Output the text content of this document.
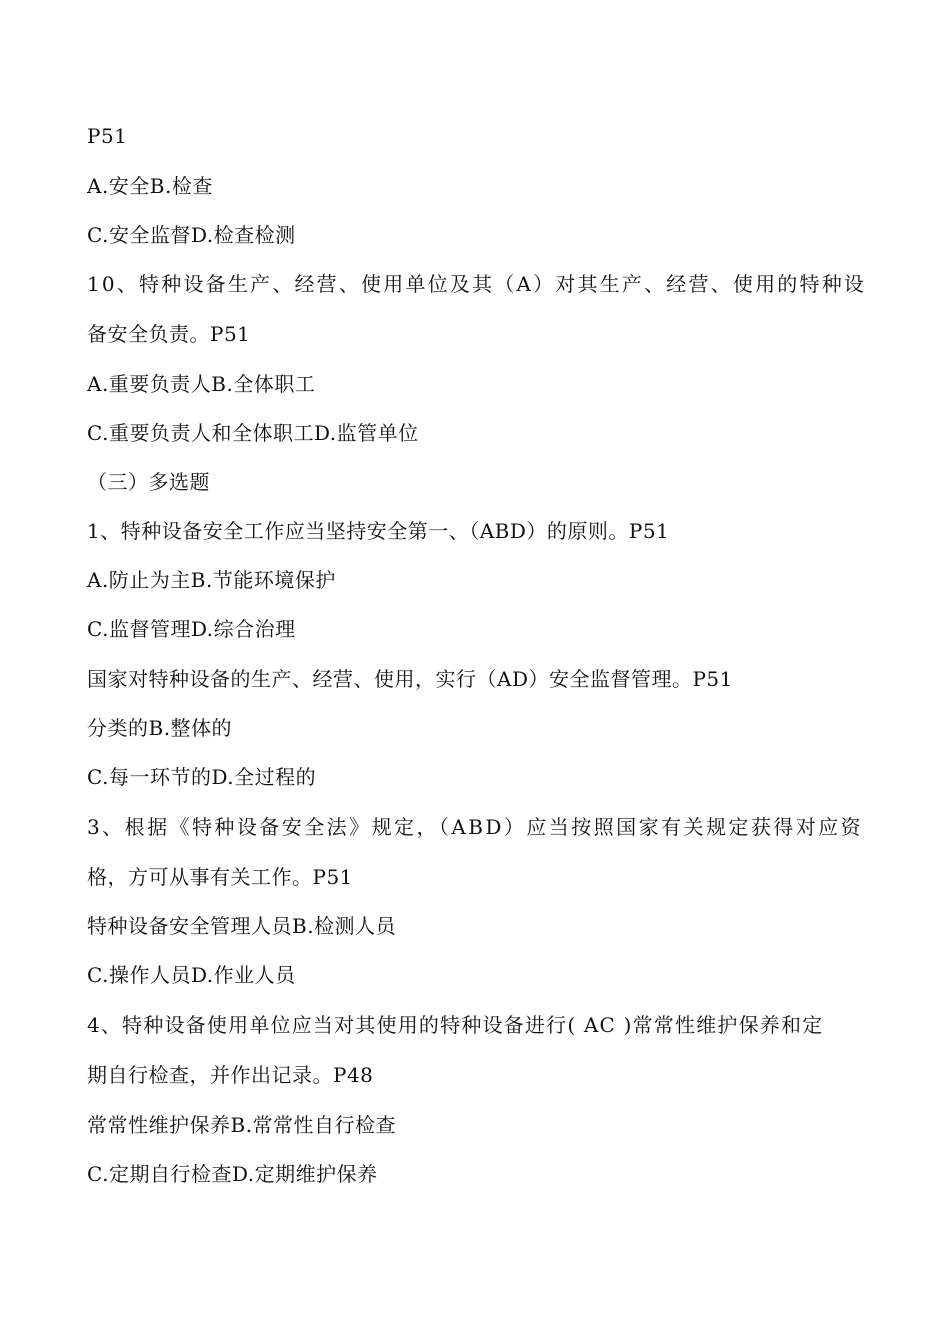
P51

A.安全B.检查

C.安全监督D.检查检测

10、特种设备生产、经营、使用单位及其（A）对其生产、经营、使用的特种设

备安全负责。P51

A.重要负责人B.全体职工

C.重要负责人和全体职工D.监管单位

（三）多选题

1、特种设备安全工作应当坚持安全第一、（ABD）的原则。P51

A.防止为主B.节能环境保护

C.监督管理D.综合治理

国家对特种设备的生产、经营、使用，实行（AD）安全监督管理。P51

分类的B.整体的

C.每一环节的D.全过程的

3、根据《特种设备安全法》规定，（ABD）应当按照国家有关规定获得对应资

格，方可从事有关工作。P51

特种设备安全管理人员B.检测人员

C.操作人员D.作业人员

4、特种设备使用单位应当对其使用的特种设备进行( AC )常常性维护保养和定

期自行检查，并作出记录。P48

常常性维护保养B.常常性自行检查

C.定期自行检查D.定期维护保养
